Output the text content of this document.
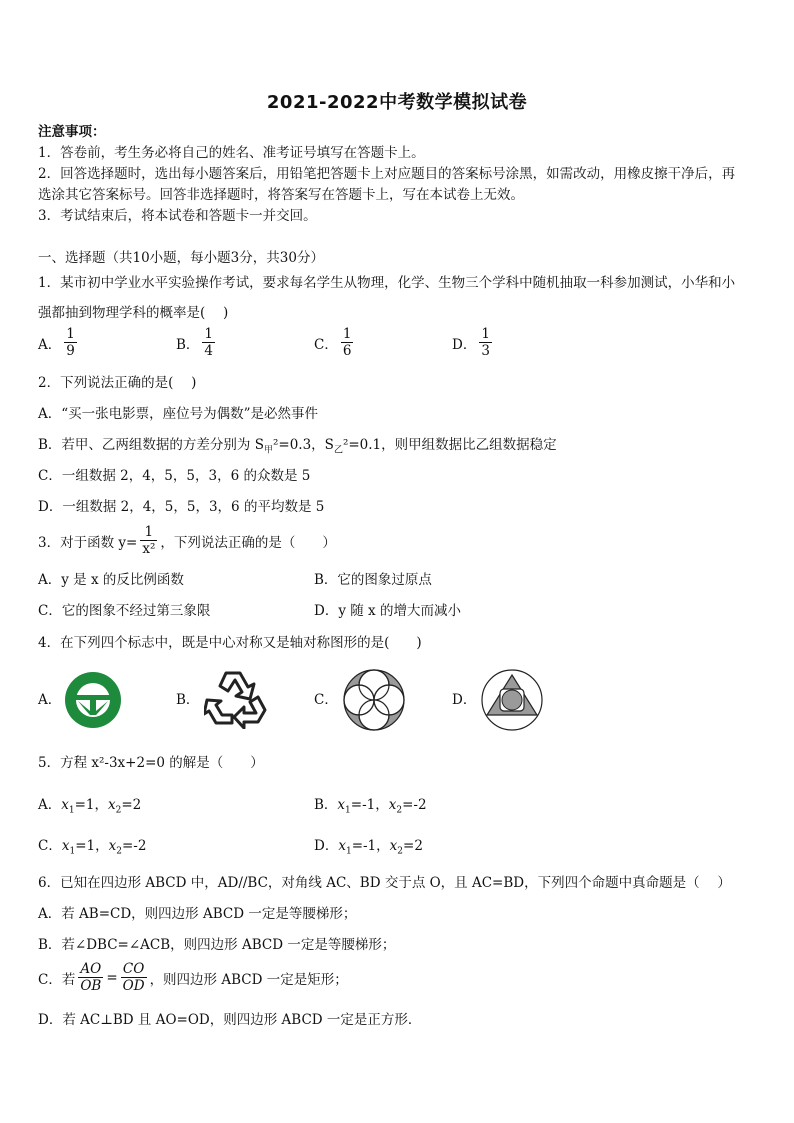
2021-2022中考数学模拟试卷
注意事项：
1．答卷前，考生务必将自己的姓名、准考证号填写在答题卡上。
2．回答选择题时，选出每小题答案后，用铅笔把答题卡上对应题目的答案标号涂黑，如需改动，用橡皮擦干净后，再
选涂其它答案标号。回答非选择题时，将答案写在答题卡上，写在本试卷上无效。
3．考试结束后，将本试卷和答题卡一并交回。
一、选择题（共10小题，每小题3分，共30分）
1．某市初中学业水平实验操作考试，要求每名学生从物理，化学、生物三个学科中随机抽取一科参加测试，小华和小
强都抽到物理学科的概率是(　 )
A． $\frac{1}{9}$	B． $\frac{1}{4}$	C． $\frac{1}{6}$	D． $\frac{1}{3}$
2．下列说法正确的是(　 )
A．“买一张电影票，座位号为偶数”是必然事件
B．若甲、乙两组数据的方差分别为 $S_甲^2=0.3$，$S_乙^2=0.1$，则甲组数据比乙组数据稳定
C．一组数据 2，4，5，5，3，6 的众数是 5
D．一组数据 2，4，5，5，3，6 的平均数是 5
3．对于函数 $y= \frac{1}{\text{x²}}$ ，下列说法正确的是（　　）
A．y 是 x 的反比例函数	B．它的图象过原点
C．它的图象不经过第三象限	D．y 随 x 的增大而减小
4．在下列四个标志中，既是中心对称又是轴对称图形的是(　　)
A．	B．	C．	D．
5．方程 x²-3x+2=0 的解是（　　）
A．$x_1=1$，$x_2=2$	B．$x_1=-1$，$x_2=-2$
C．$x_1=1$，$x_2=-2$	D．$x_1=-1$，$x_2=2$
6．已知在四边形 ABCD 中，AD//BC，对角线 AC、BD 交于点 O，且 AC=BD，下列四个命题中真命题是（　 ）
A．若 AB=CD，则四边形 ABCD 一定是等腰梯形；
B．若∠DBC=∠ACB，则四边形 ABCD 一定是等腰梯形；
C．若 $\frac{AO}{OB} = \frac{CO}{OD}$ ，则四边形 ABCD 一定是矩形；
D．若 AC⊥BD 且 AO=OD，则四边形 ABCD 一定是正方形．
